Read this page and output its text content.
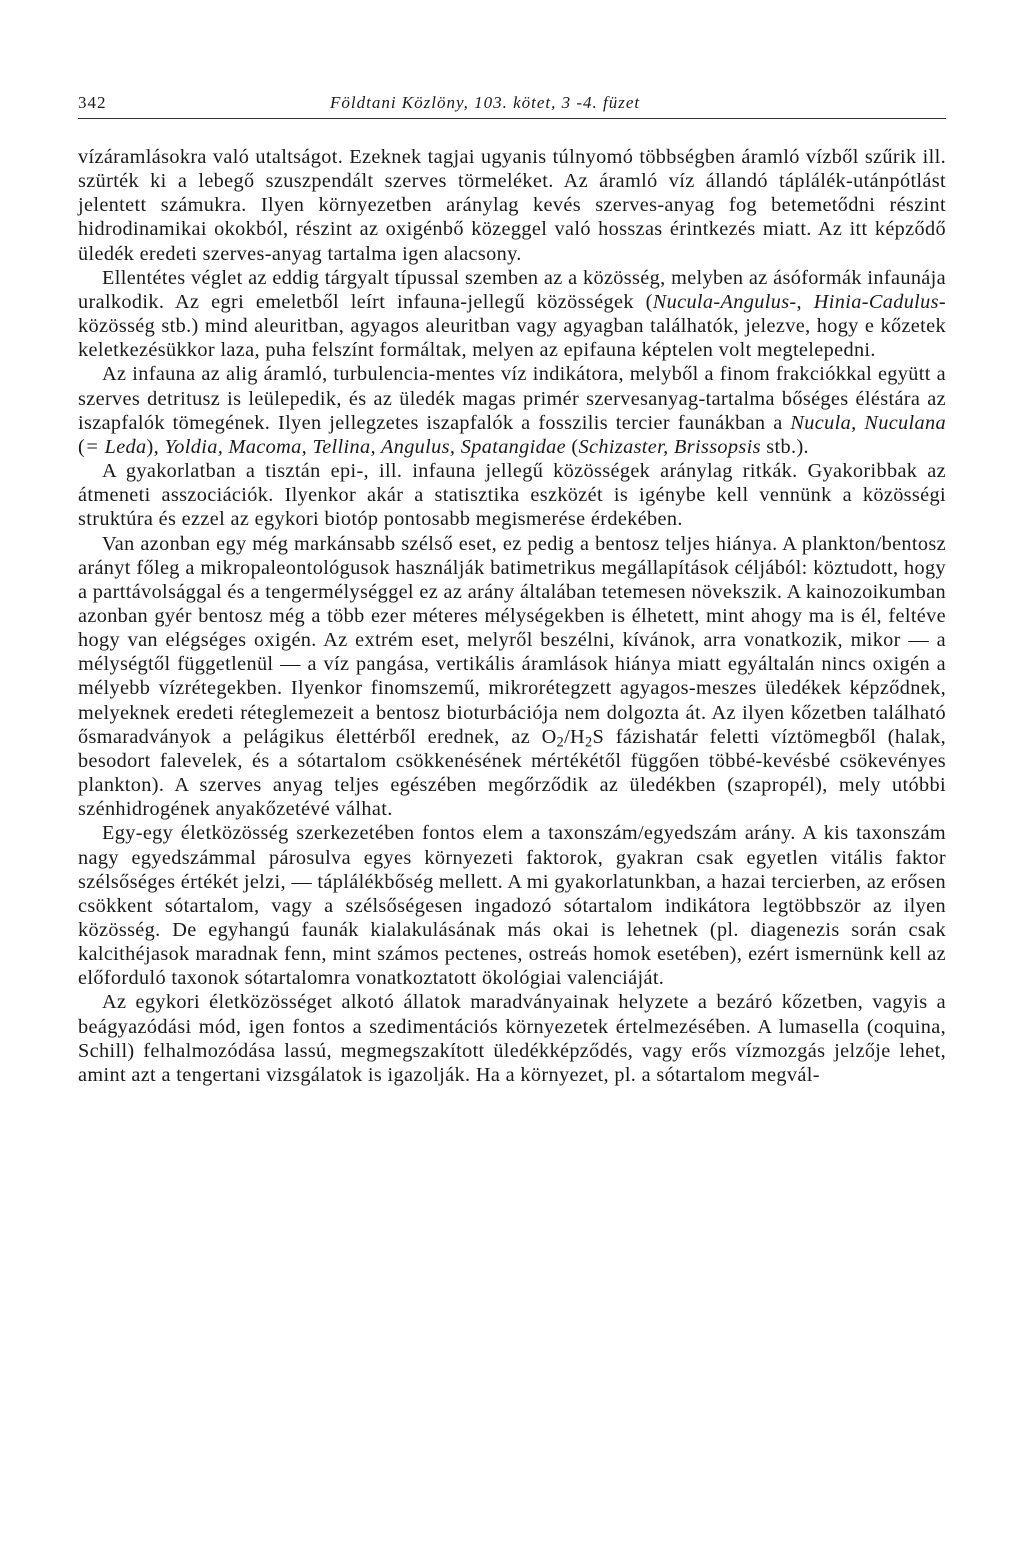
342	Földtani Közlöny, 103. kötet, 3 -4. füzet

vízáramlásokra való utaltságot. Ezeknek tagjai ugyanis túlnyomó többségben áramló vízből szűrik ill. szürték ki a lebegő szuszpendált szerves törmeléket. Az áramló víz állandó táplálék-utánpótlást jelentett számukra. Ilyen környezetben aránylag kevés szerves-anyag fog betemetődni részint hidrodinamikai okokból, részint az oxigénbő közeggel való hosszas érintkezés miatt. Az itt képződő üledék eredeti szerves-anyag tartalma igen alacsony.

Ellentétes véglet az eddig tárgyalt típussal szemben az a közösség, melyben az ásóformák infaunája uralkodik. Az egri emeletből leírt infauna-jellegű közösségek (Nucula-Angulus-, Hinia-Cadulus-közösség stb.) mind aleuritban, agyagos aleuritban vagy agyagban találhatók, jelezve, hogy e kőzetek keletkezésükkor laza, puha felszínt formáltak, melyen az epifauna képtelen volt megtelepedni.

Az infauna az alig áramló, turbulencia-mentes víz indikátora, melyből a finom frakciókkal együtt a szerves detritusz is leülepedik, és az üledék magas primér szervesanyag-tartalma bőséges éléstára az iszapfalók tömegének. Ilyen jellegzetes iszapfalók a fosszilis tercier faunákban a Nucula, Nuculana (= Leda), Yoldia, Macoma, Tellina, Angulus, Spatangidae (Schizaster, Brissopsis stb.).

A gyakorlatban a tisztán epi-, ill. infauna jellegű közösségek aránylag ritkák. Gyakoribbak az átmeneti asszociációk. Ilyenkor akár a statisztika eszközét is igénybe kell vennünk a közösségi struktúra és ezzel az egykori biotóp pontosabb megismerése érdekében.

Van azonban egy még markánsabb szélső eset, ez pedig a bentosz teljes hiánya. A plankton/bentosz arányt főleg a mikropaleontológusok használják batimetrikus megállapítások céljából: köztudott, hogy a parttávolsággal és a tengermélységgel ez az arány általában tetemesen növekszik. A kainozoikumban azonban gyér bentosz még a több ezer méteres mélységekben is élhetett, mint ahogy ma is él, feltéve hogy van elégséges oxigén. Az extrém eset, melyről beszélni, kívánok, arra vonatkozik, mikor — a mélységtől függetlenül — a víz pangása, vertikális áramlások hiánya miatt egyáltalán nincs oxigén a mélyebb vízrétegekben. Ilyenkor finomszemű, mikrorétegzett agyagos-meszes üledékek képződnek, melyeknek eredeti réteglemezeit a bentosz bioturbációja nem dolgozta át. Az ilyen kőzetben található ősmaradványok a pelágikus élettérből erednek, az $O_2/H_2S$ fázishatár feletti víztömegből (halak, besodort falevelek, és a sótartalom csökkenésének mértékétől függően többé-kevésbé csökevényes plankton). A szerves anyag teljes egészében megőrződik az üledékben (szapropél), mely utóbbi szénhidrogének anyakőzetévé válhat.

Egy-egy életközösség szerkezetében fontos elem a taxonszám/egyedszám arány. A kis taxonszám nagy egyedszámmal párosulva egyes környezeti faktorok, gyakran csak egyetlen vitális faktor szélsőséges értékét jelzi, — táplálékbőség mellett. A mi gyakorlatunkban, a hazai tercierben, az erősen csökkent sótartalom, vagy a szélsőségesen ingadozó sótartalom indikátora legtöbbször az ilyen közösség. De egyhangú faunák kialakulásának más okai is lehetnek (pl. diagenezis során csak kalcithéjasok maradnak fenn, mint számos pectenes, ostreás homok esetében), ezért ismernünk kell az előforduló taxonok sótartalomra vonatkoztatott ökológiai valenciáját.

Az egykori életközösséget alkotó állatok maradványainak helyzete a bezáró kőzetben, vagyis a beágyazódási mód, igen fontos a szedimentációs környezetek értelmezésében. A lumasella (coquina, Schill) felhalmozódása lassú, megmegszakított üledékképződés, vagy erős vízmozgás jelzője lehet, amint azt a tengertani vizsgálatok is igazolják. Ha a környezet, pl. a sótartalom megvál-
